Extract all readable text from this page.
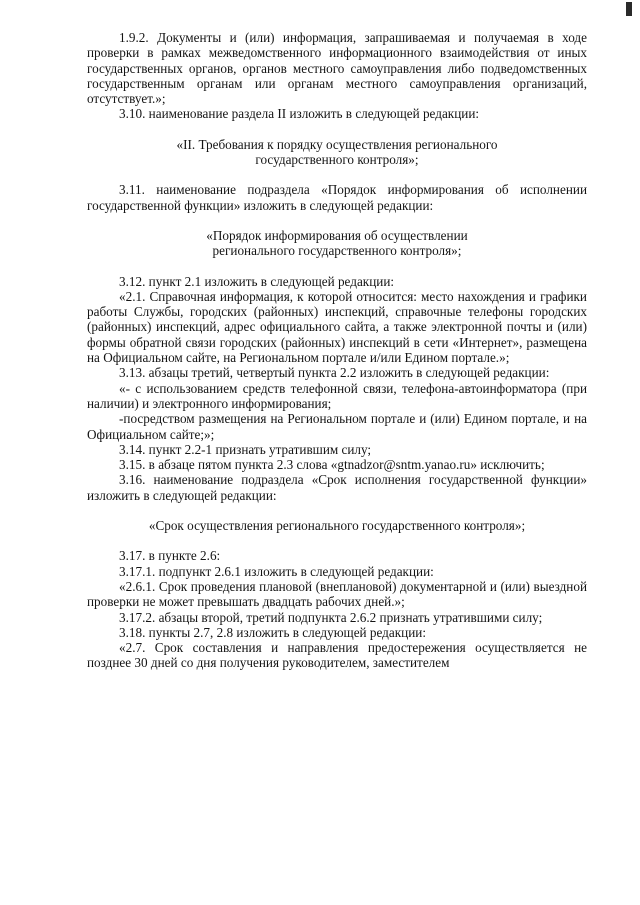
1.9.2. Документы и (или) информация, запрашиваемая и получаемая в ходе проверки в рамках межведомственного информационного взаимодействия от иных государственных органов, органов местного самоуправления либо подведомственных государственным органам или органам местного самоуправления организаций, отсутствует.»;

3.10. наименование раздела II изложить в следующей редакции:

«II. Требования к порядку осуществления регионального государственного контроля»;

3.11. наименование подраздела «Порядок информирования об исполнении государственной функции» изложить в следующей редакции:

«Порядок информирования об осуществлении регионального государственного контроля»;

3.12. пункт 2.1 изложить в следующей редакции:

«2.1. Справочная информация, к которой относится: место нахождения и графики работы Службы, городских (районных) инспекций, справочные телефоны городских (районных) инспекций, адрес официального сайта, а также электронной почты и (или) формы обратной связи городских (районных) инспекций в сети «Интернет», размещена на Официальном сайте, на Региональном портале и/или Едином портале.»;

3.13. абзацы третий, четвертый пункта 2.2 изложить в следующей редакции:

«- с использованием средств телефонной связи, телефона-автоинформатора (при наличии) и электронного информирования;

-посредством размещения на Региональном портале и (или) Едином портале, и на Официальном сайте;»;

3.14. пункт 2.2-1 признать утратившим силу;

3.15. в абзаце пятом пункта 2.3 слова «gtnadzor@sntm.yanao.ru» исключить;

3.16. наименование подраздела «Срок исполнения государственной функции» изложить в следующей редакции:

«Срок осуществления регионального государственного контроля»;

3.17. в пункте 2.6:

3.17.1. подпункт 2.6.1 изложить в следующей редакции:

«2.6.1. Срок проведения плановой (внеплановой) документарной и (или) выездной проверки не может превышать двадцать рабочих дней.»;

3.17.2. абзацы второй, третий подпункта 2.6.2 признать утратившими силу;

3.18. пункты 2.7, 2.8 изложить в следующей редакции:

«2.7. Срок составления и направления предостережения осуществляется не позднее 30 дней со дня получения руководителем, заместителем
